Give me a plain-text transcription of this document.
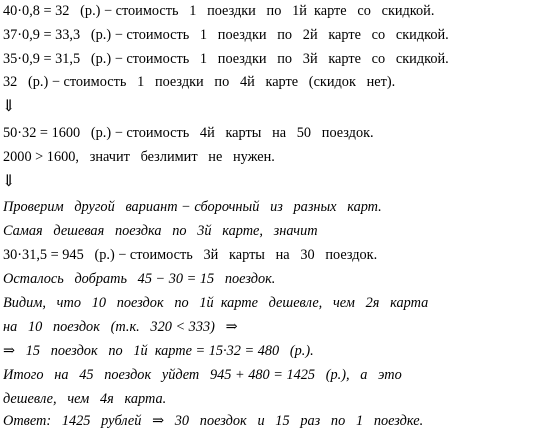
40·0,8 = 32   (р.) − стоимость   1   поездки   по   1й  карте   со   скидкой.
37·0,9 = 33,3   (р.) − стоимость   1   поездки   по   2й   карте   со   скидкой.
35·0,9 = 31,5   (р.) − стоимость   1   поездки   по   3й   карте   со   скидкой.
32   (р.) − стоимость   1   поездки   по   4й   карте   (скидок   нет).
⇓
50·32 = 1600   (р.) − стоимость   4й   карты   на   50   поездок.
2000 > 1600,   значит   безлимит   не   нужен.
⇓
Проверим   другой   вариант − сборочный   из   разных   карт.
Самая   дешевая   поездка   по   3й   карте,   значит
30·31,5 = 945   (р.) − стоимость   3й   карты   на   30   поездок.
Осталось   добрать   45 − 30 = 15   поездок.
Видим,   что   10   поездок   по   1й  карте   дешевле,   чем   2я   карта
на   10   поездок   (т.к.   320 < 333)   ⇒
⇒   15   поездок   по   1й  карте = 15·32 = 480   (р.).
Итого   на   45   поездок   уйдет   945 + 480 = 1425   (р.),   а   это
дешевле,   чем   4я   карта.
Ответ:   1425   рублей   ⇒   30   поездок   и   15   раз   по   1   поездке.
